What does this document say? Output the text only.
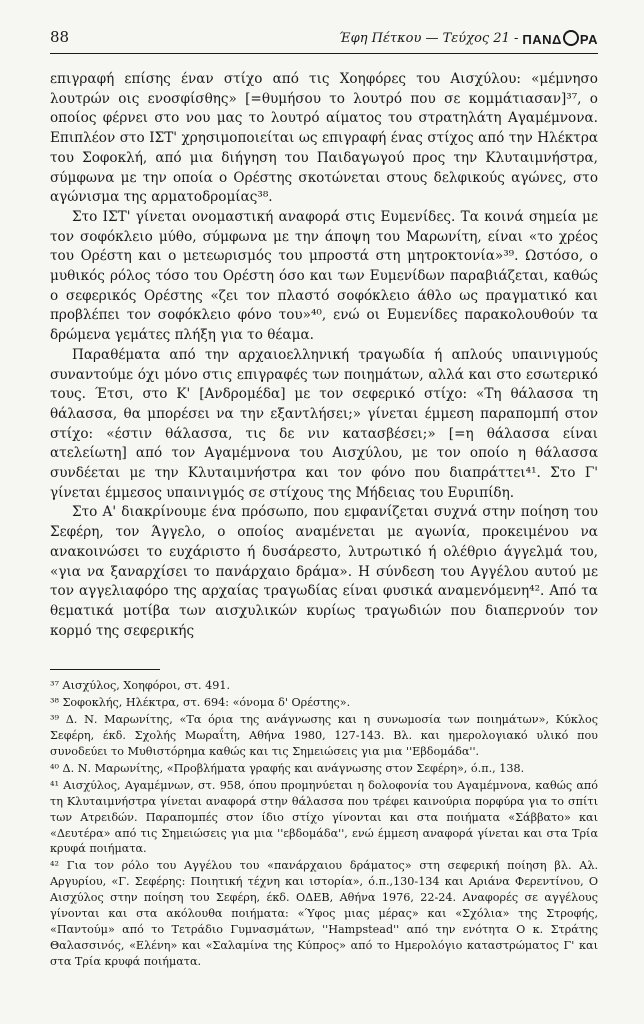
88	Έφη Πέτκου — Τεύχος 21 - ΠΑΝΔ ΡΑ

επιγραφή επίσης έναν στίχο από τις Χοηφόρες του Αισχύλου: «μέμνησο λουτρών οις ενοσφίσθης» [=θυμήσου το λουτρό που σε κομμάτιασαν]³⁷, ο οποίος φέρνει στο νου μας το λουτρό αίματος του στρατηλάτη Αγαμέμνονα. Επιπλέον στο ΙΣΤ' χρησιμοποιείται ως επιγραφή ένας στίχος από την Ηλέκτρα του Σοφοκλή, από μια διήγηση του Παιδαγωγού προς την Κλυταιμνήστρα, σύμφωνα με την οποία ο Ορέστης σκοτώνεται στους δελφικούς αγώνες, στο αγώνισμα της αρματοδρομίας³⁸.

Στο ΙΣΤ' γίνεται ονομαστική αναφορά στις Ευμενίδες. Τα κοινά σημεία με τον σοφόκλειο μύθο, σύμφωνα με την άποψη του Μαρωνίτη, είναι «το χρέος του Ορέστη και ο μετεωρισμός του μπροστά στη μητροκτονία»³⁹. Ωστόσο, ο μυθικός ρόλος τόσο του Ορέστη όσο και των Ευμενίδων παραβιάζεται, καθώς ο σεφερικός Ορέστης «ζει τον πλαστό σοφόκλειο άθλο ως πραγματικό και προβλέπει τον σοφόκλειο φόνο του»⁴⁰, ενώ οι Ευμενίδες παρακολουθούν τα δρώμενα γεμάτες πλήξη για το θέαμα.

Παραθέματα από την αρχαιοελληνική τραγωδία ή απλούς υπαινιγμούς συναντούμε όχι μόνο στις επιγραφές των ποιημάτων, αλλά και στο εσωτερικό τους. Έτσι, στο Κ' [Ανδρομέδα] με τον σεφερικό στίχο: «Τη θάλασσα τη θάλασσα, θα μπορέσει να την εξαντλήσει;» γίνεται έμμεση παραπομπή στον στίχο: «έστιν θάλασσα, τις δε νιν κατασβέσει;» [=η θάλασσα είναι ατελείωτη] από τον Αγαμέμνονα του Αισχύλου, με τον οποίο η θάλασσα συνδέεται με την Κλυταιμνήστρα και τον φόνο που διαπράττει⁴¹. Στο Γ' γίνεται έμμεσος υπαινιγμός σε στίχους της Μήδειας του Ευριπίδη.

Στο Α' διακρίνουμε ένα πρόσωπο, που εμφανίζεται συχνά στην ποίηση του Σεφέρη, τον Άγγελο, ο οποίος αναμένεται με αγωνία, προκειμένου να ανακοινώσει το ευχάριστο ή δυσάρεστο, λυτρωτικό ή ολέθριο άγγελμά του, «για να ξαναρχίσει το πανάρχαιο δράμα». Η σύνδεση του Αγγέλου αυτού με τον αγγελιαφόρο της αρχαίας τραγωδίας είναι φυσικά αναμενόμενη⁴². Από τα θεματικά μοτίβα των αισχυλικών κυρίως τραγωδιών που διαπερνούν τον κορμό της σεφερικής

³⁷ Αισχύλος, Χοηφόροι, στ. 491.

³⁸ Σοφοκλής, Ηλέκτρα, στ. 694: «όνομα δ' Ορέστης».

³⁹ Δ. Ν. Μαρωνίτης, «Τα όρια της ανάγνωσης και η συνωμοσία των ποιημάτων», Κύκλος Σεφέρη, έκδ. Σχολής Μωραΐτη, Αθήνα 1980, 127-143. Βλ. και ημερολογιακό υλικό που συνοδεύει το Μυθιστόρημα καθώς και τις Σημειώσεις για μια ''Εβδομάδα''.

⁴⁰ Δ. Ν. Μαρωνίτης, «Προβλήματα γραφής και ανάγνωσης στον Σεφέρη», ό.π., 138.

⁴¹ Αισχύλος, Αγαμέμνων, στ. 958, όπου προμηνύεται η δολοφονία του Αγαμέμνονα, καθώς από τη Κλυταιμνήστρα γίνεται αναφορά στην θάλασσα που τρέφει καινούρια πορφύρα για το σπίτι των Ατρειδών. Παραπομπές στον ίδιο στίχο γίνονται και στα ποιήματα «Σάββατο» και «Δευτέρα» από τις Σημειώσεις για μια ''εβδομάδα'', ενώ έμμεση αναφορά γίνεται και στα Τρία κρυφά ποιήματα.

⁴² Για τον ρόλο του Αγγέλου του «πανάρχαιου δράματος» στη σεφερική ποίηση βλ. Αλ. Αργυρίου, «Γ. Σεφέρης: Ποιητική τέχνη και ιστορία», ό.π.,130-134 και Αριάνα Φερεντίνου, Ο Αισχύλος στην ποίηση του Σεφέρη, έκδ. ΟΔΕΒ, Αθήνα 1976, 22-24. Αναφορές σε αγγέλους γίνονται και στα ακόλουθα ποιήματα: «Ύφος μιας μέρας» και «Σχόλια» της Στροφής, «Παντούμ» από το Τετράδιο Γυμνασμάτων, ''Hampstead'' από την ενότητα Ο κ. Στράτης Θαλασσινός, «Ελένη» και «Σαλαμίνα της Κύπρος» από το Ημερολόγιο καταστρώματος Γ' και στα Τρία κρυφά ποιήματα.
